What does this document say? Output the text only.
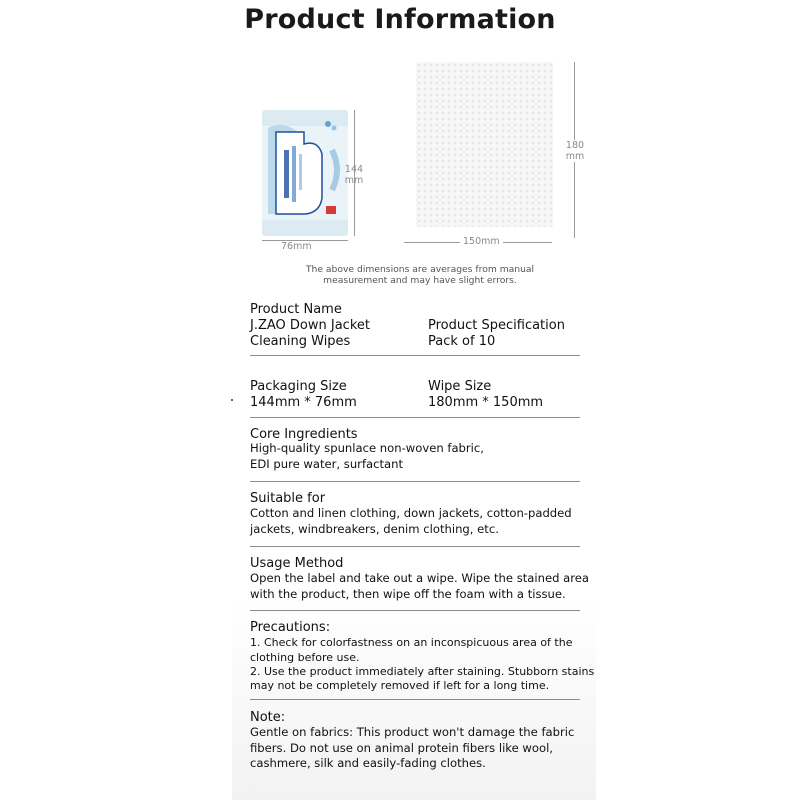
Product Information
144
mm
76mm
180
mm
150mm
The above dimensions are averages from manual
measurement and may have slight errors.
Product Name
J.ZAO Down Jacket
Cleaning Wipes
Product Specification
Pack of 10
Packaging Size
144mm * 76mm
Wipe Size
180mm * 150mm
Core Ingredients
High-quality spunlace non-woven fabric,
EDI pure water, surfactant
Suitable for
Cotton and linen clothing, down jackets, cotton-padded
jackets, windbreakers, denim clothing, etc.
Usage Method
Open the label and take out a wipe. Wipe the stained area
with the product, then wipe off the foam with a tissue.
Precautions:
1. Check for colorfastness on an inconspicuous area of the
clothing before use.
2. Use the product immediately after staining. Stubborn stains
may not be completely removed if left for a long time.
Note:
Gentle on fabrics: This product won't damage the fabric
fibers. Do not use on animal protein fibers like wool,
cashmere, silk and easily-fading clothes.
